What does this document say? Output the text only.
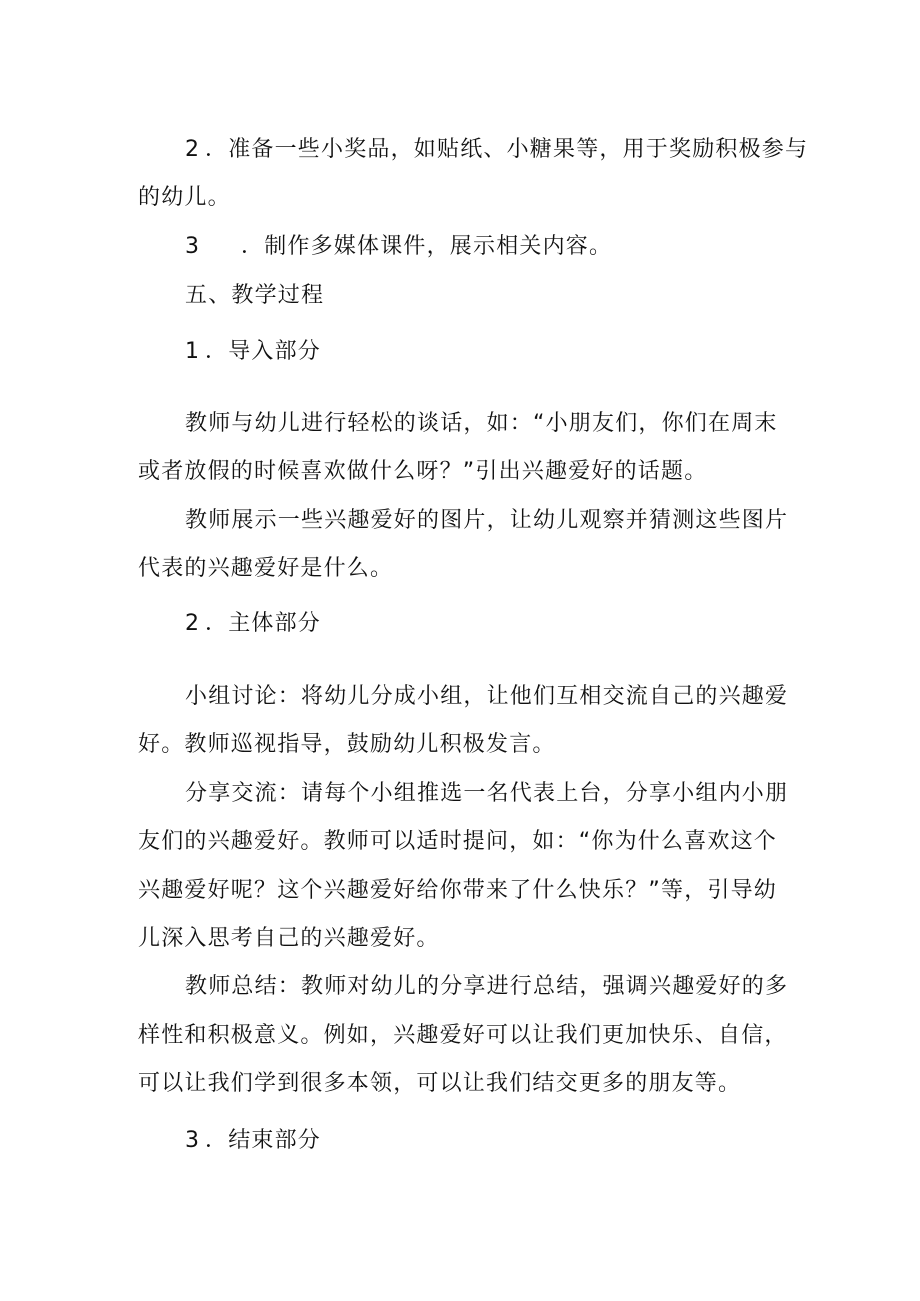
2 ．准备一些小奖品，如贴纸、小糖果等，用于奖励积极参与
的幼儿。
3 ．制作多媒体课件，展示相关内容。
五、教学过程
1 ．导入部分
教师与幼儿进行轻松的谈话，如：“小朋友们，你们在周末
或者放假的时候喜欢做什么呀？”引出兴趣爱好的话题。
教师展示一些兴趣爱好的图片，让幼儿观察并猜测这些图片
代表的兴趣爱好是什么。
2 ．主体部分
小组讨论：将幼儿分成小组，让他们互相交流自己的兴趣爱
好。教师巡视指导，鼓励幼儿积极发言。
分享交流：请每个小组推选一名代表上台，分享小组内小朋
友们的兴趣爱好。教师可以适时提问，如：“你为什么喜欢这个
兴趣爱好呢？这个兴趣爱好给你带来了什么快乐？”等，引导幼
儿深入思考自己的兴趣爱好。
教师总结：教师对幼儿的分享进行总结，强调兴趣爱好的多
样性和积极意义。例如，兴趣爱好可以让我们更加快乐、自信，
可以让我们学到很多本领，可以让我们结交更多的朋友等。
3 ．结束部分
